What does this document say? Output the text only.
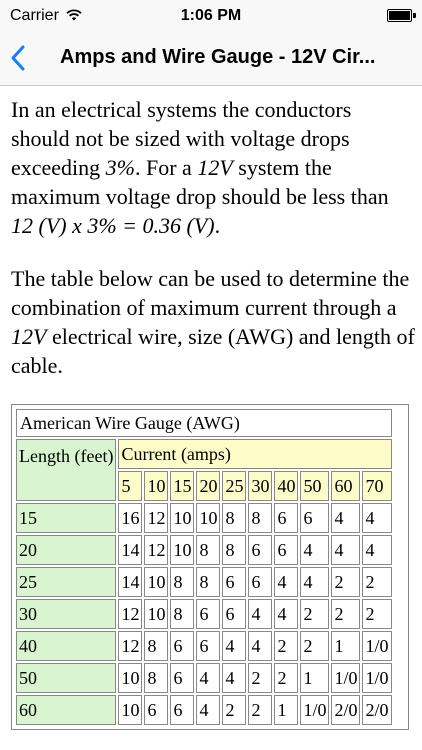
Carrier	1:06 PM
Amps and Wire Gauge - 12V Cir...

In an electrical systems the conductors should not be sized with voltage drops exceeding 3%. For a 12V system the maximum voltage drop should be less than 12 (V) x 3% = 0.36 (V).

The table below can be used to determine the combination of maximum current through a 12V electrical wire, size (AWG) and length of cable.

American Wire Gauge (AWG)										
Length (feet)	Current (amps)									
	5	10	15	20	25	30	40	50	60	70
15	16	12	10	10	8	8	6	6	4	4
20	14	12	10	8	8	6	6	4	4	4
25	14	10	8	8	6	6	4	4	2	2
30	12	10	8	6	6	4	4	2	2	2
40	12	8	6	6	4	4	2	2	1	1/0
50	10	8	6	4	4	2	2	1	1/0	1/0
60	10	6	6	4	2	2	1	1/0	2/0	2/0
